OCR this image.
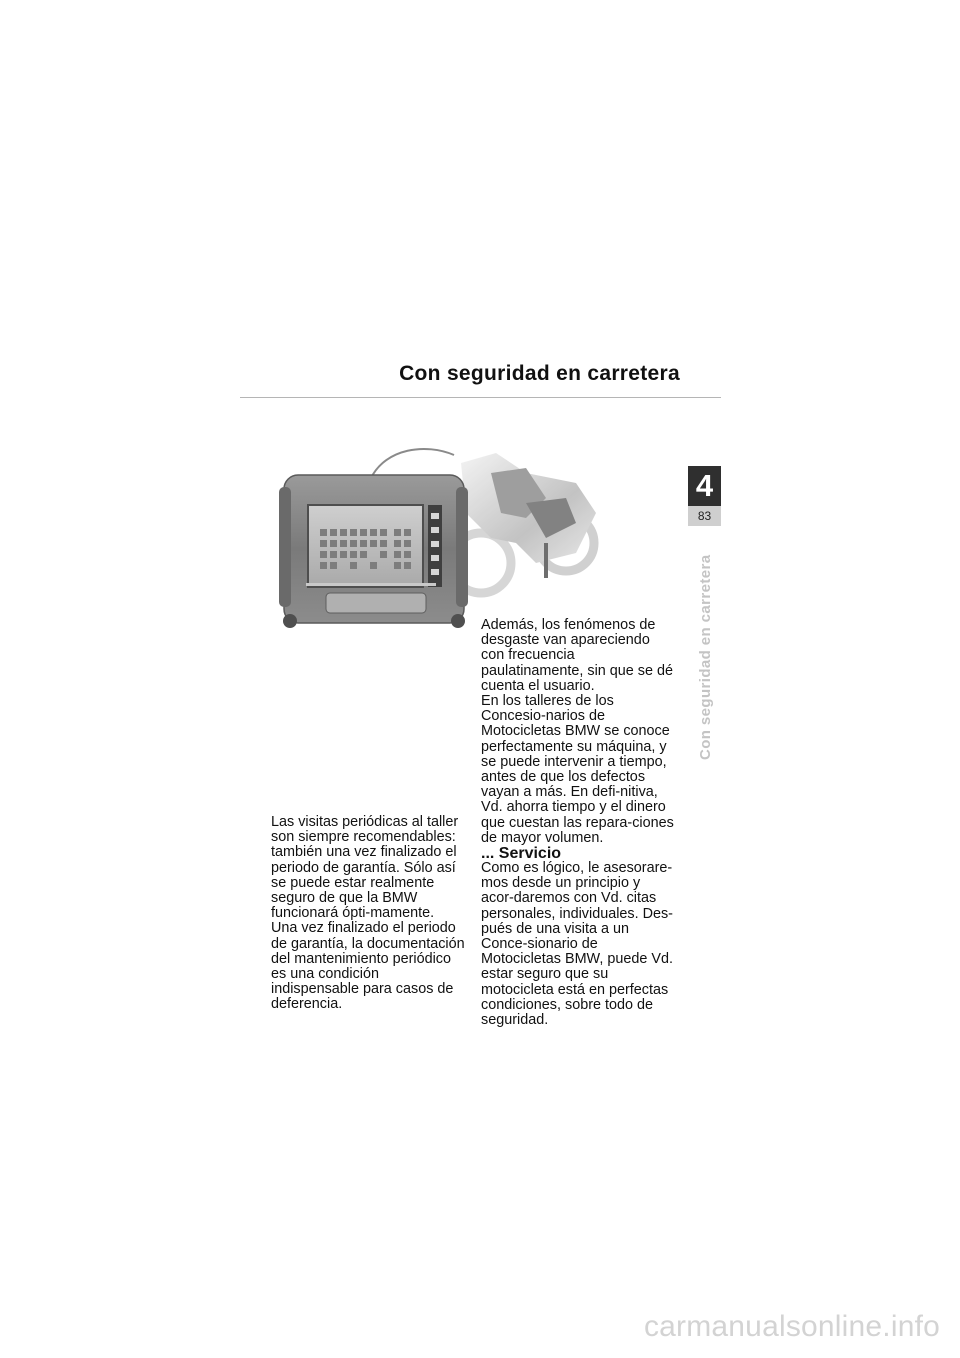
Con seguridad en carretera
4
83
Con seguridad en carretera

Las visitas periódicas al taller son siempre recomendables: también una vez finalizado el periodo de garantía. Sólo así se puede estar realmente seguro de que la BMW funcionará ópti-mamente.

Una vez finalizado el periodo de garantía, la documentación del mantenimiento periódico es una condición indispensable para casos de deferencia.

Además, los fenómenos de desgaste van apareciendo con frecuencia paulatinamente, sin que se dé cuenta el usuario.

En los talleres de los Concesio-narios de Motocicletas BMW se conoce perfectamente su máquina, y se puede intervenir a tiempo, antes de que los defectos vayan a más. En defi-nitiva, Vd. ahorra tiempo y el dinero que cuestan las repara-ciones de mayor volumen.

... Servicio

Como es lógico, le asesorare-mos desde un principio y acor-daremos con Vd. citas personales, individuales. Des-pués de una visita a un Conce-sionario de Motocicletas BMW, puede Vd. estar seguro que su motocicleta está en perfectas condiciones, sobre todo de seguridad.

carmanualsonline.info
